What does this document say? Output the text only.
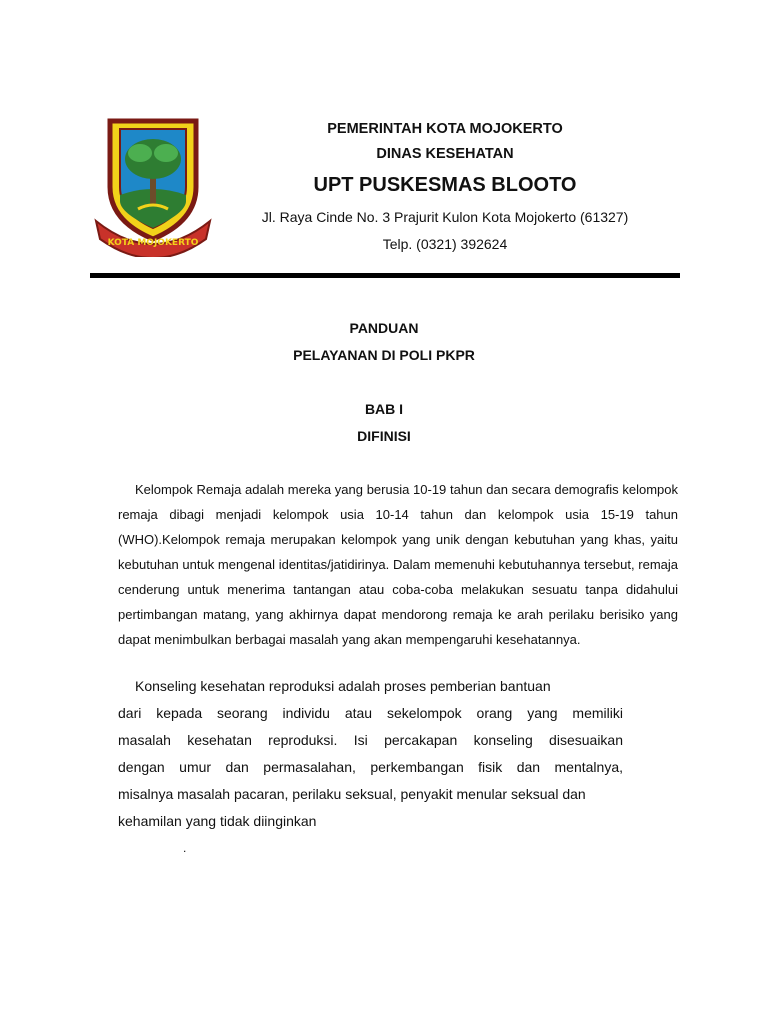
KOTA MOJOKERTO
PEMERINTAH KOTA MOJOKERTO
DINAS KESEHATAN
UPT PUSKESMAS BLOOTO
Jl. Raya Cinde No. 3 Prajurit Kulon Kota Mojokerto (61327)
Telp. (0321) 392624
PANDUAN
PELAYANAN DI POLI PKPR
BAB I
DIFINISI

Kelompok Remaja adalah mereka yang berusia 10-19 tahun dan secara demografis kelompok remaja dibagi menjadi kelompok usia 10-14 tahun dan kelompok usia 15-19 tahun (WHO).Kelompok remaja merupakan kelompok yang unik dengan kebutuhan yang khas, yaitu kebutuhan untuk mengenal identitas/jatidirinya. Dalam memenuhi kebutuhannya tersebut, remaja cenderung untuk menerima tantangan atau coba-coba melakukan sesuatu tanpa didahului pertimbangan matang, yang akhirnya dapat mendorong remaja ke arah perilaku berisiko yang dapat menimbulkan berbagai masalah yang akan mempengaruhi kesehatannya.

Konseling kesehatan reproduksi adalah proses pemberian bantuan
dari kepada seorang individu atau sekelompok orang yang memiliki
masalah kesehatan reproduksi. Isi percakapan konseling disesuaikan
dengan umur dan permasalahan, perkembangan fisik dan mentalnya,
misalnya masalah pacaran, perilaku seksual, penyakit menular seksual dan
kehamilan yang tidak diinginkan
.
